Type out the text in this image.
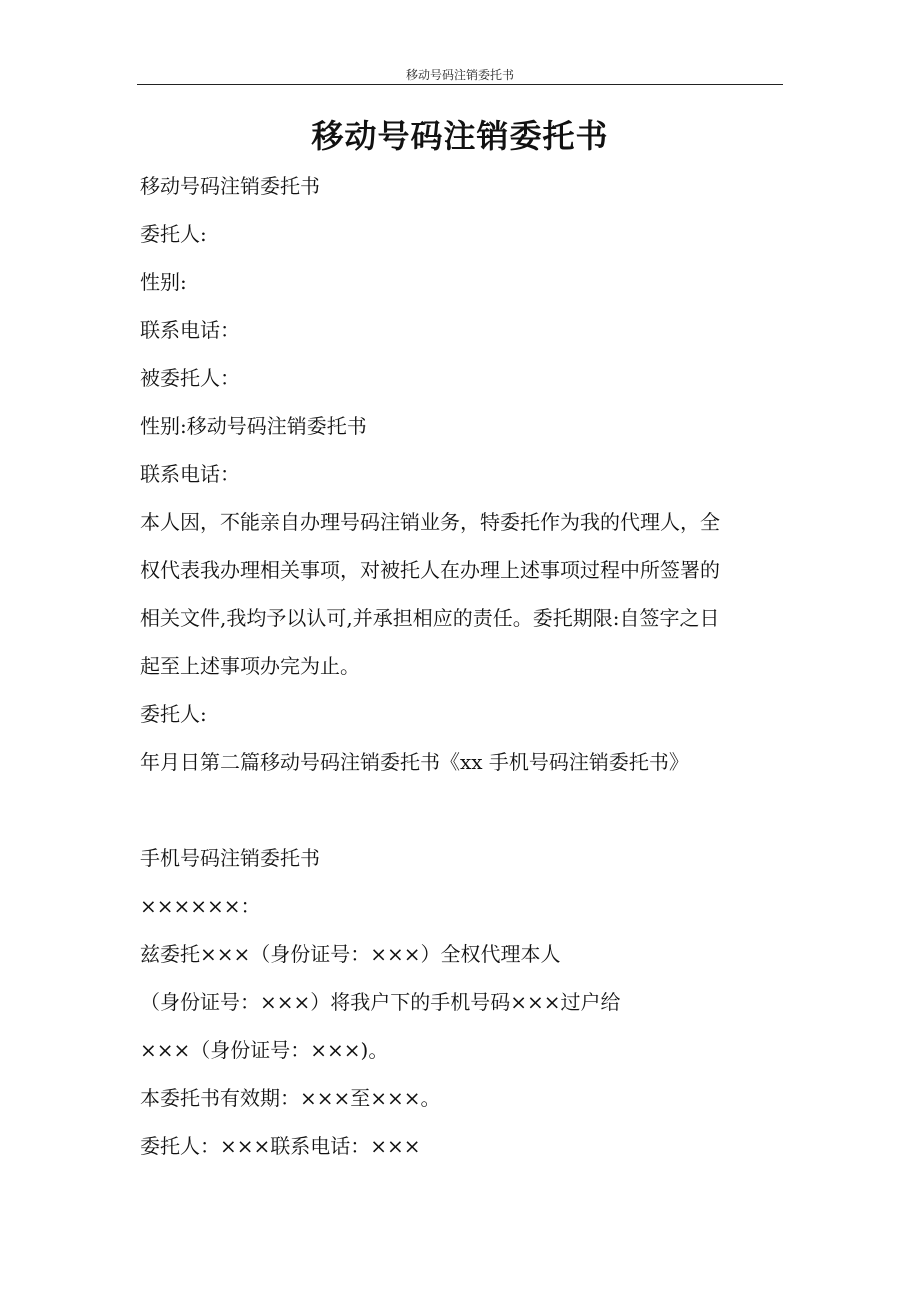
移动号码注销委托书
移动号码注销委托书
移动号码注销委托书
委托人:
性别:
联系电话：
被委托人：
性别:移动号码注销委托书
联系电话：
本人因，不能亲自办理号码注销业务，特委托作为我的代理人，全
权代表我办理相关事项，对被托人在办理上述事项过程中所签署的
相关文件,我均予以认可,并承担相应的责任。委托期限:自签字之日
起至上述事项办完为止。
委托人:
年月日第二篇移动号码注销委托书《xx 手机号码注销委托书》
手机号码注销委托书
××××××：
兹委托×××（身份证号：×××）全权代理本人
（身份证号：×××）将我户下的手机号码×××过户给
×××（身份证号：×××)。
本委托书有效期：×××至×××。
委托人：×××联系电话：×××
